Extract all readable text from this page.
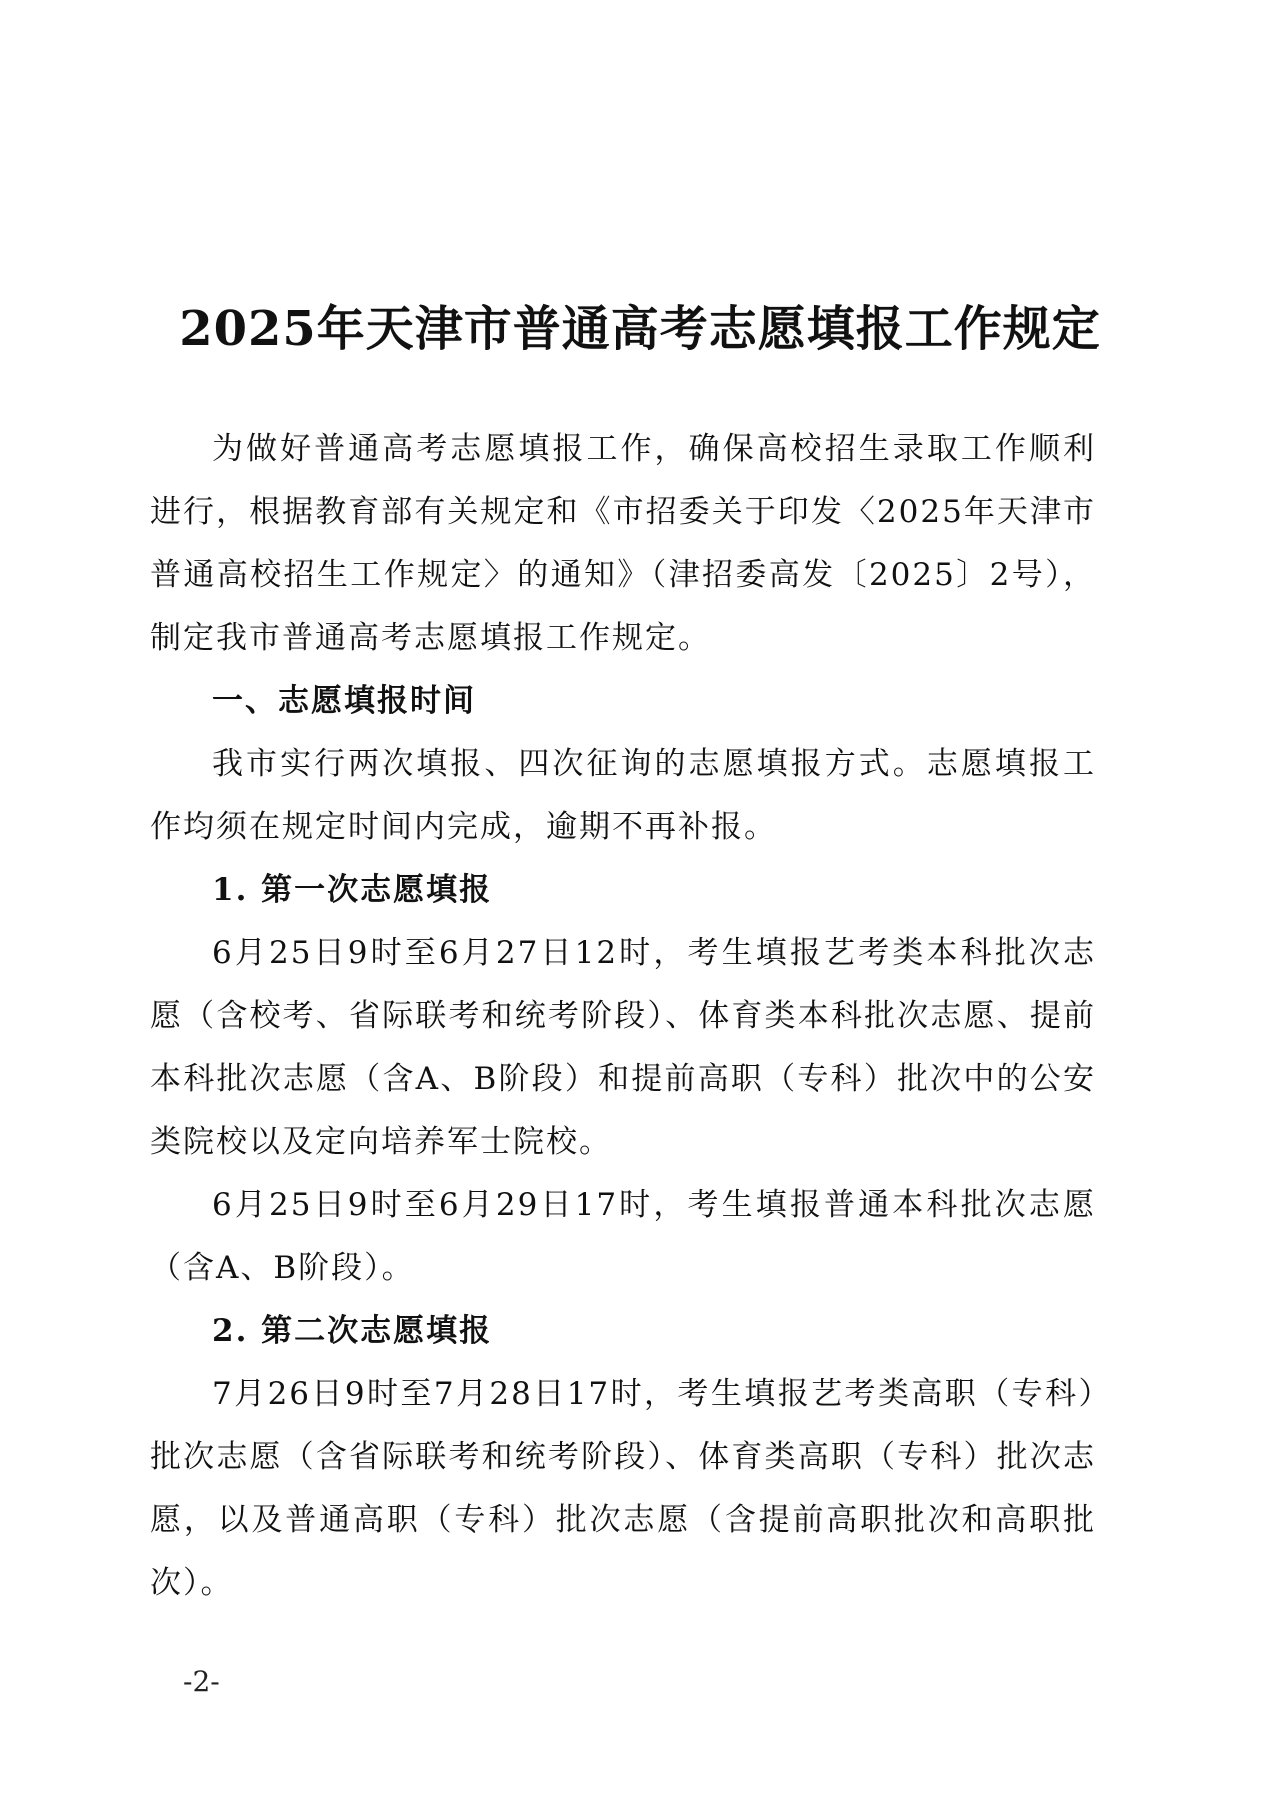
2025年天津市普通高考志愿填报工作规定

为做好普通高考志愿填报工作，确保高校招生录取工作顺利进行，根据教育部有关规定和《市招委关于印发〈2025年天津市普通高校招生工作规定〉的通知》（津招委高发〔2025〕2号），制定我市普通高考志愿填报工作规定。

一、志愿填报时间

我市实行两次填报、四次征询的志愿填报方式。志愿填报工作均须在规定时间内完成，逾期不再补报。

1. 第一次志愿填报

6月25日9时至6月27日12时，考生填报艺考类本科批次志愿（含校考、省际联考和统考阶段）、体育类本科批次志愿、提前本科批次志愿（含A、B阶段）和提前高职（专科）批次中的公安类院校以及定向培养军士院校。

6月25日9时至6月29日17时，考生填报普通本科批次志愿（含A、B阶段）。

2. 第二次志愿填报

7月26日9时至7月28日17时，考生填报艺考类高职（专科）批次志愿（含省际联考和统考阶段）、体育类高职（专科）批次志愿，以及普通高职（专科）批次志愿（含提前高职批次和高职批次）。

-2-
